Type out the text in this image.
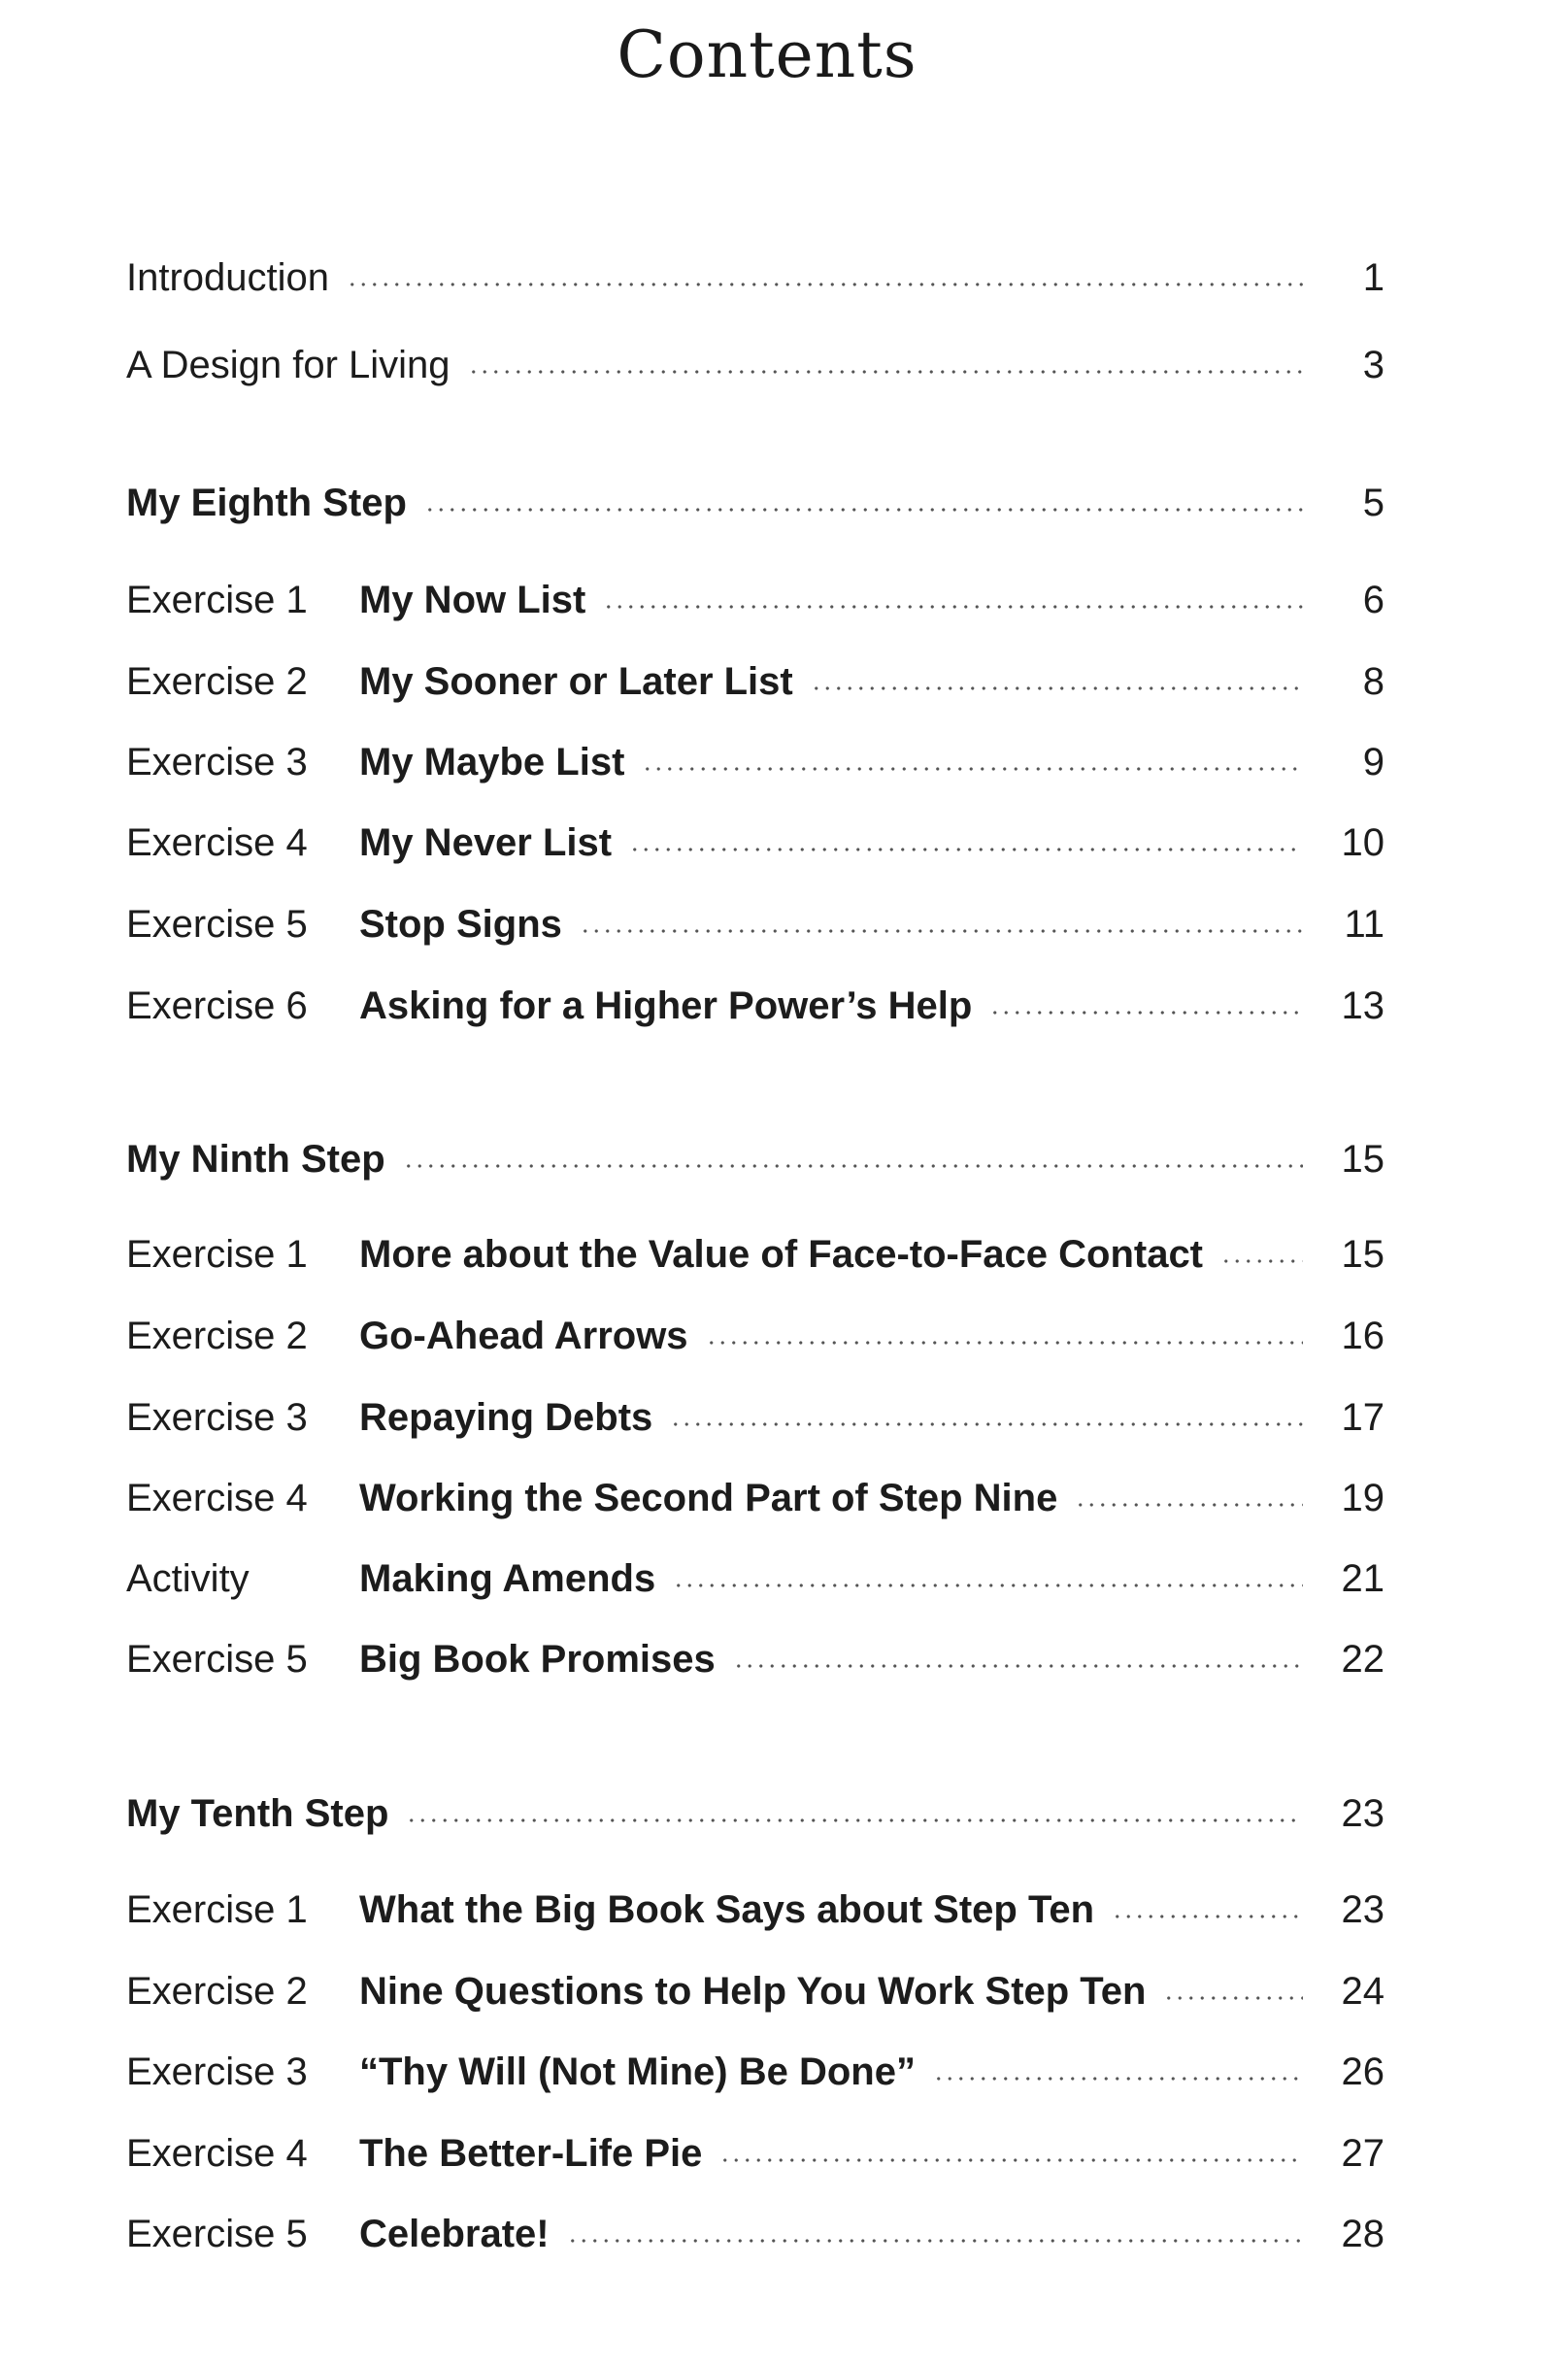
Contents
Introduction	1
A Design for Living	3
My Eighth Step	5
Exercise 1	My Now List	6
Exercise 2	My Sooner or Later List	8
Exercise 3	My Maybe List	9
Exercise 4	My Never List	10
Exercise 5	Stop Signs	11
Exercise 6	Asking for a Higher Power’s Help	13
My Ninth Step	15
Exercise 1	More about the Value of Face-to-Face Contact	15
Exercise 2	Go-Ahead Arrows	16
Exercise 3	Repaying Debts	17
Exercise 4	Working the Second Part of Step Nine	19
Activity	Making Amends	21
Exercise 5	Big Book Promises	22
My Tenth Step	23
Exercise 1	What the Big Book Says about Step Ten	23
Exercise 2	Nine Questions to Help You Work Step Ten	24
Exercise 3	“Thy Will (Not Mine) Be Done”	26
Exercise 4	The Better-Life Pie	27
Exercise 5	Celebrate!	28
